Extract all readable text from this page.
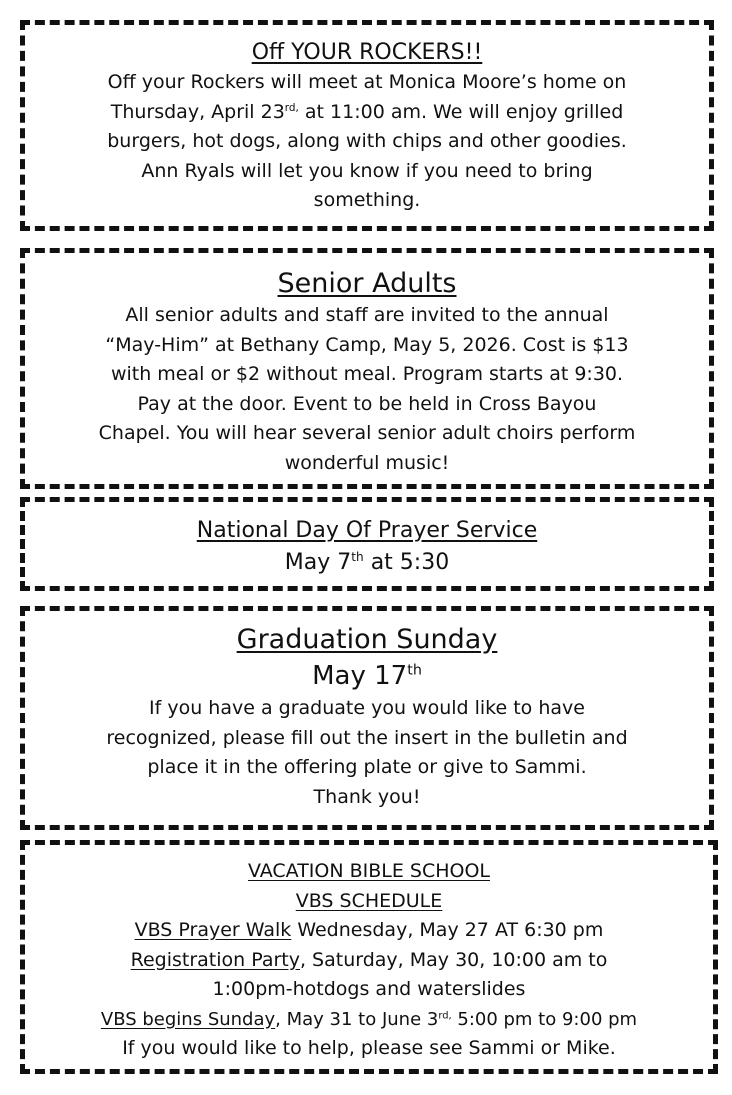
Off YOUR ROCKERS!!

Off your Rockers will meet at Monica Moore’s home on

Thursday, April $23^{rd,}$ at 11:00 am. We will enjoy grilled

burgers, hot dogs, along with chips and other goodies.

Ann Ryals will let you know if you need to bring

something.

Senior Adults

All senior adults and staff are invited to the annual

“May-Him” at Bethany Camp, May 5, 2026. Cost is $13

with meal or $2 without meal. Program starts at 9:30.

Pay at the door. Event to be held in Cross Bayou

Chapel. You will hear several senior adult choirs perform

wonderful music!

National Day Of Prayer Service

May 7th at 5:30

Graduation Sunday

May 17th

If you have a graduate you would like to have

recognized, please fill out the insert in the bulletin and

place it in the offering plate or give to Sammi.

Thank you!

VACATION BIBLE SCHOOL

VBS SCHEDULE

VBS Prayer Walk Wednesday, May 27 AT 6:30 pm

Registration Party, Saturday, May 30, 10:00 am to

1:00pm-hotdogs and waterslides

VBS begins Sunday, May 31 to June $3^{rd,}$ 5:00 pm to 9:00 pm

If you would like to help, please see Sammi or Mike.
